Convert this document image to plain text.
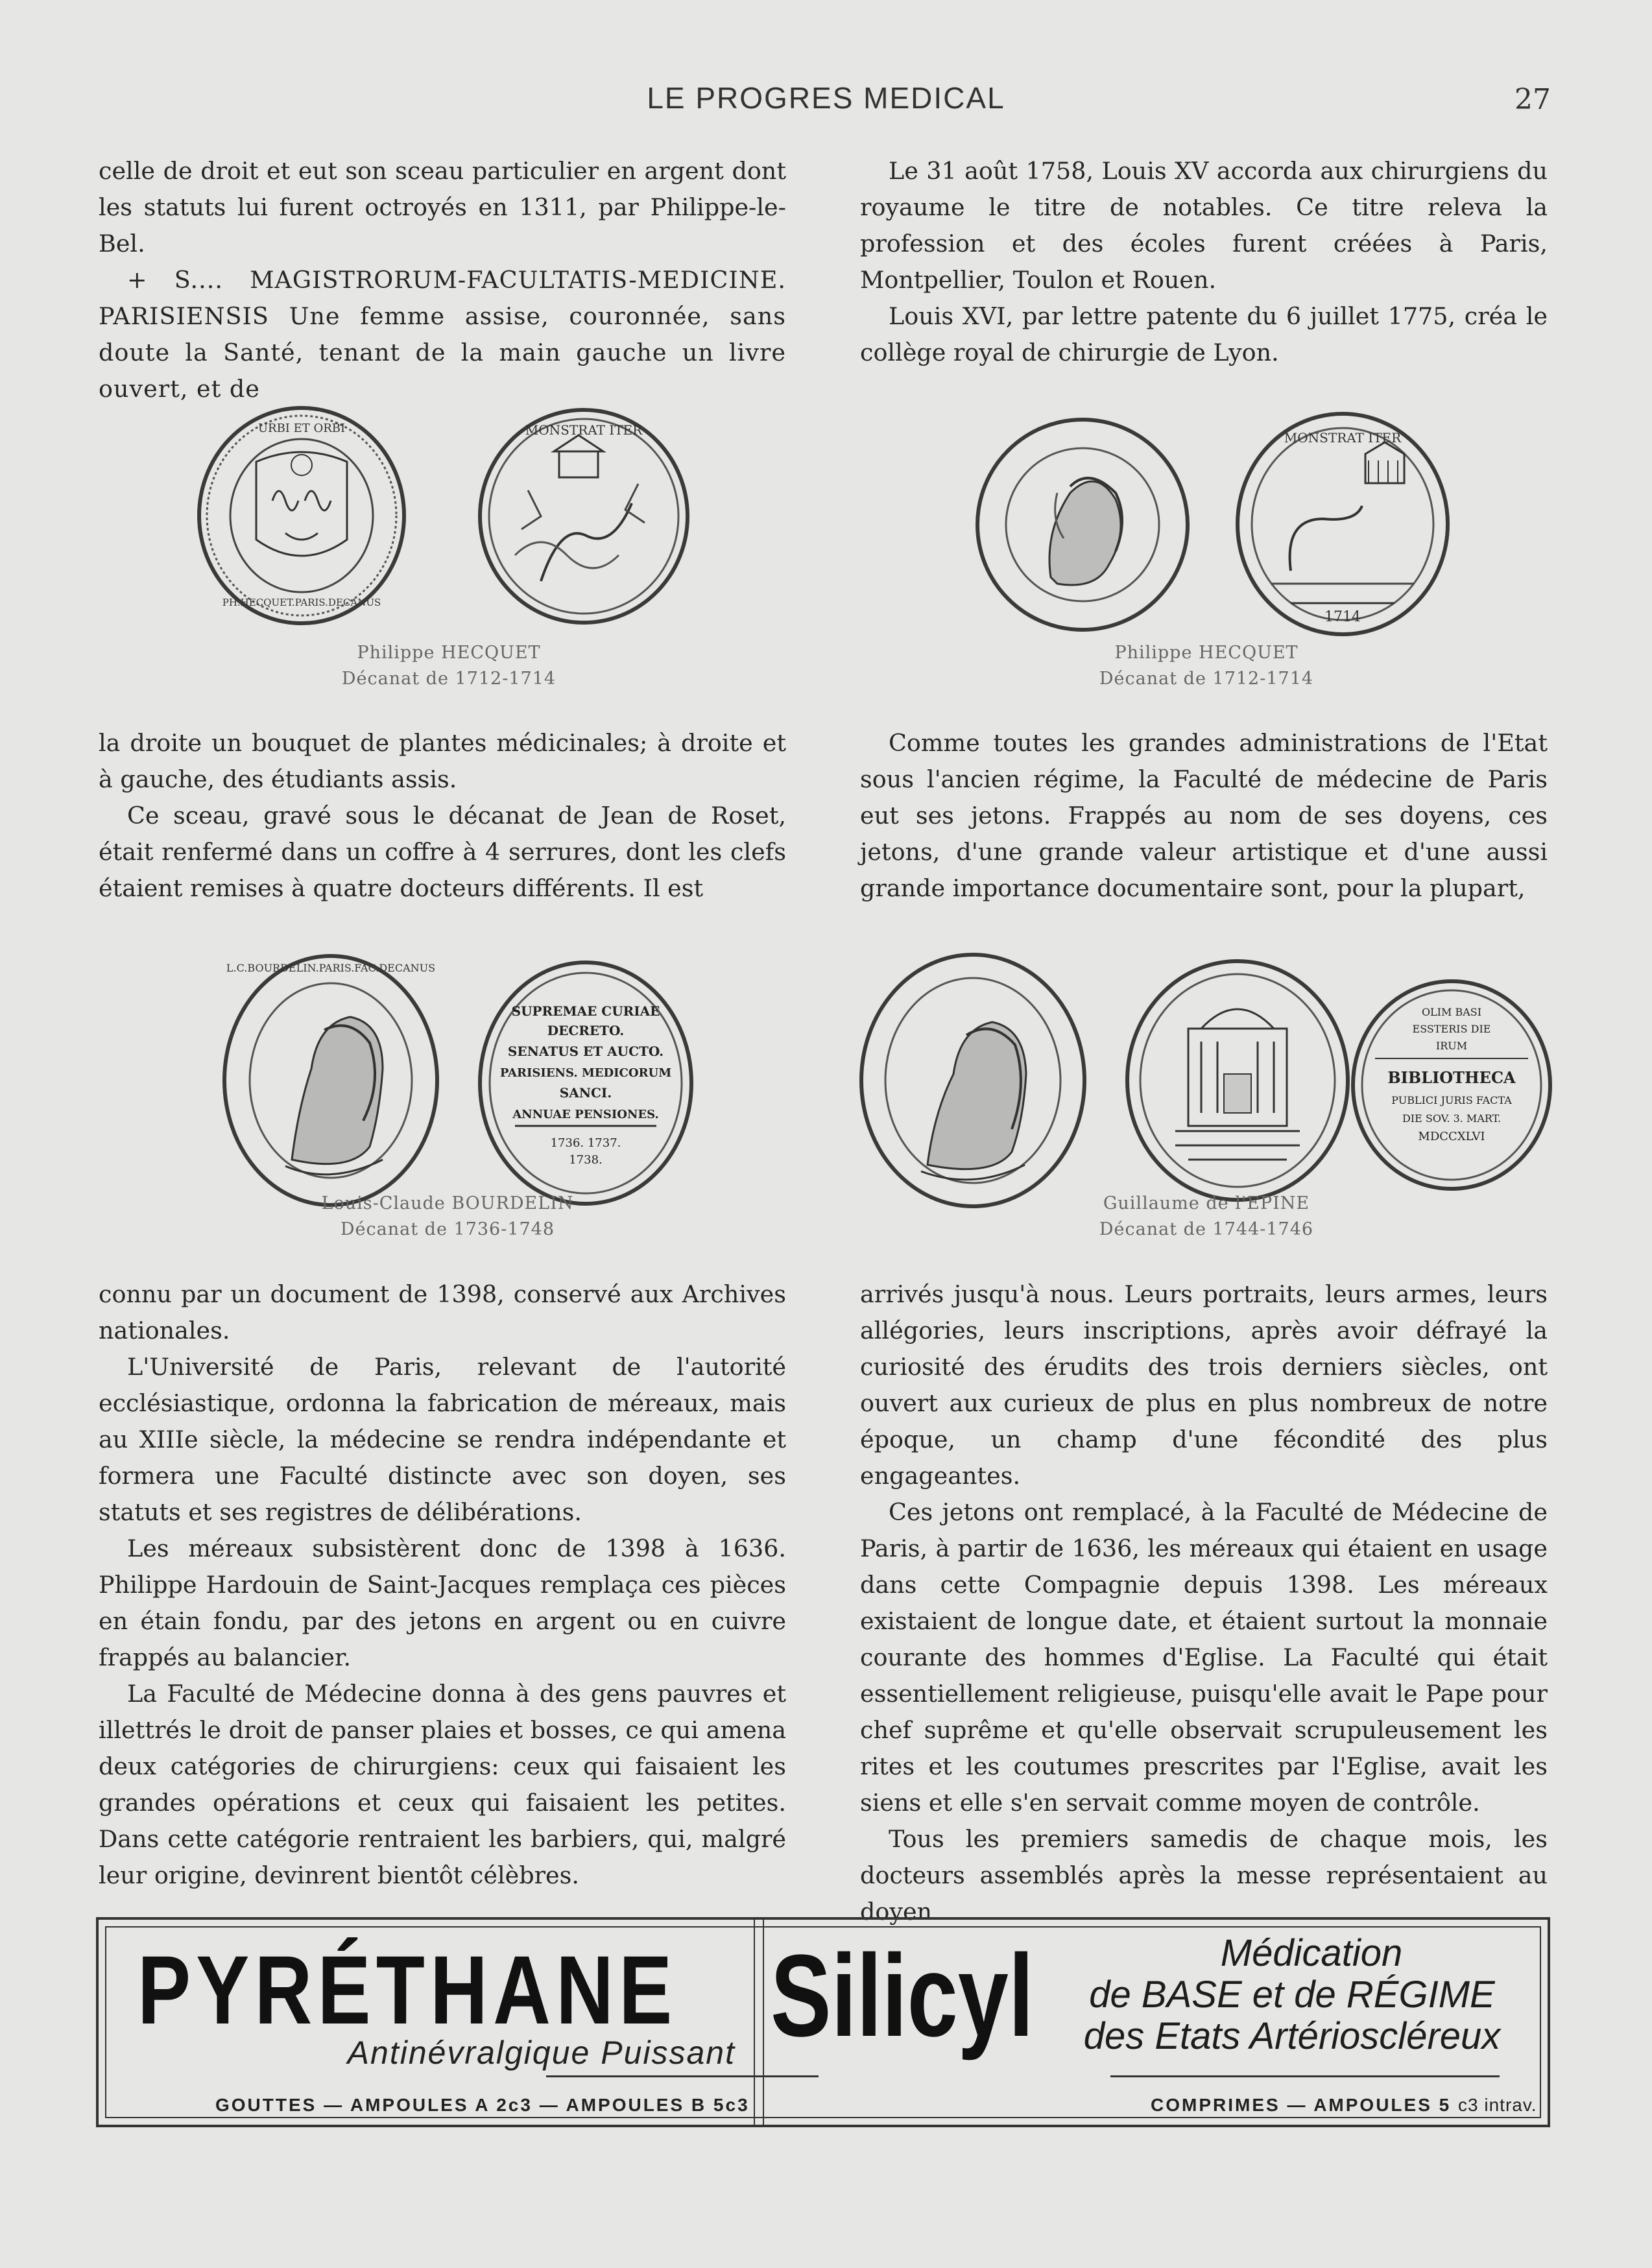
LE PROGRES MEDICAL	27

celle de droit et eut son sceau particulier en argent dont les statuts lui furent octroyés en 1311, par Philippe-le-Bel.

+ S.... MAGISTRORUM-FACULTATIS-MEDICINE. PARISIENSIS Une femme assise, couronnée, sans doute la Santé, tenant de la main gauche un livre ouvert, et de

Le 31 août 1758, Louis XV accorda aux chirurgiens du royaume le titre de notables. Ce titre releva la profession et des écoles furent créées à Paris, Montpellier, Toulon et Rouen.

Louis XVI, par lettre patente du 6 juillet 1775, créa le collège royal de chirurgie de Lyon.

URBI ET ORBI
PH.HECQUET.PARIS.DECANUS
MONSTRAT ITER	MONSTRAT ITER
1714
Philippe HECQUET
Décanat de 1712-1714
Philippe HECQUET
Décanat de 1712-1714

la droite un bouquet de plantes médicinales; à droite et à gauche, des étudiants assis.

Ce sceau, gravé sous le décanat de Jean de Roset, était renfermé dans un coffre à 4 serrures, dont les clefs étaient remises à quatre docteurs différents. Il est

Comme toutes les grandes administrations de l'Etat sous l'ancien régime, la Faculté de médecine de Paris eut ses jetons. Frappés au nom de ses doyens, ces jetons, d'une grande valeur artistique et d'une aussi grande importance documentaire sont, pour la plupart,

L.C.BOURDELIN.PARIS.FAC.DECANUS
SUPREMAE CURIAE
DECRETO.
SENATUS ET AUCTO.
PARISIENS. MEDICORUM
SANCI.
ANNUAE PENSIONES.
1736. 1737.
1738.
OLIM BASI
ESSTERIS DIE
IRUM
BIBLIOTHECA
PUBLICI JURIS FACTA
DIE SOV. 3. MART.
MDCCXLVI
Louis-Claude BOURDELIN
Décanat de 1736-1748
Guillaume de l'EPINE
Décanat de 1744-1746

connu par un document de 1398, conservé aux Archives nationales.

L'Université de Paris, relevant de l'autorité ecclésiastique, ordonna la fabrication de méreaux, mais au XIIIe siècle, la médecine se rendra indépendante et formera une Faculté distincte avec son doyen, ses statuts et ses registres de délibérations.

Les méreaux subsistèrent donc de 1398 à 1636. Philippe Hardouin de Saint-Jacques remplaça ces pièces en étain fondu, par des jetons en argent ou en cuivre frappés au balancier.

La Faculté de Médecine donna à des gens pauvres et illettrés le droit de panser plaies et bosses, ce qui amena deux catégories de chirurgiens: ceux qui faisaient les grandes opérations et ceux qui faisaient les petites. Dans cette catégorie rentraient les barbiers, qui, malgré leur origine, devinrent bientôt célèbres.

arrivés jusqu'à nous. Leurs portraits, leurs armes, leurs allégories, leurs inscriptions, après avoir défrayé la curiosité des érudits des trois derniers siècles, ont ouvert aux curieux de plus en plus nombreux de notre époque, un champ d'une fécondité des plus engageantes.

Ces jetons ont remplacé, à la Faculté de Médecine de Paris, à partir de 1636, les méreaux qui étaient en usage dans cette Compagnie depuis 1398. Les méreaux existaient de longue date, et étaient surtout la monnaie courante des hommes d'Eglise. La Faculté qui était essentiellement religieuse, puisqu'elle avait le Pape pour chef suprême et qu'elle observait scrupuleusement les rites et les coutumes prescrites par l'Eglise, avait les siens et elle s'en servait comme moyen de contrôle.

Tous les premiers samedis de chaque mois, les docteurs assemblés après la messe représentaient au doyen

PYRÉTHANE
Antinévralgique Puissant
GOUTTES — AMPOULES A 2c3 — AMPOULES B 5c3
Silicyl	Médication
de BASE et de RÉGIME
des Etats Artérioscléreux
COMPRIMES — AMPOULES 5 c3 intrav.
